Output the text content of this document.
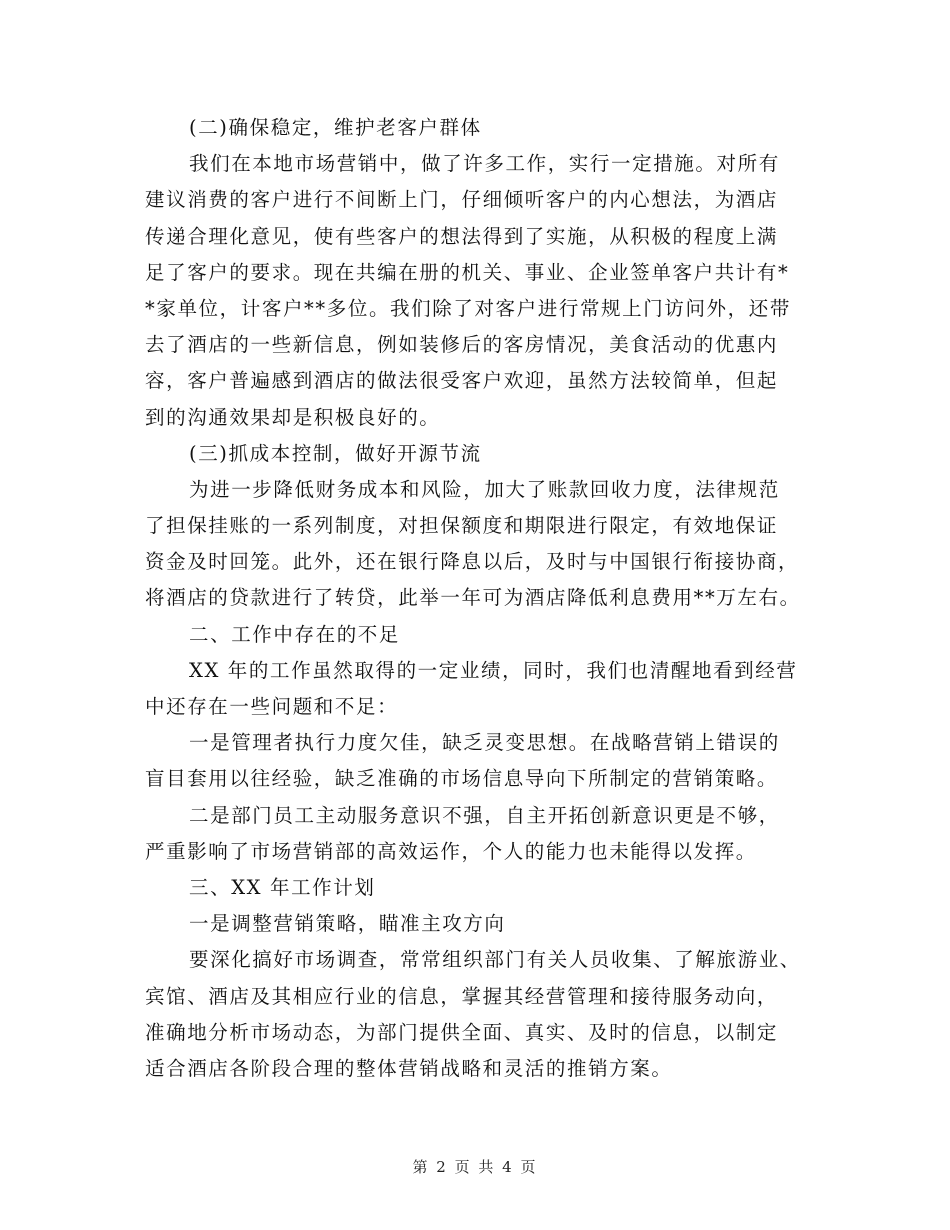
(二)确保稳定，维护老客户群体
我们在本地市场营销中，做了许多工作，实行一定措施。对所有
建议消费的客户进行不间断上门，仔细倾听客户的内心想法，为酒店
传递合理化意见，使有些客户的想法得到了实施，从积极的程度上满
足了客户的要求。现在共编在册的机关、事业、企业签单客户共计有*
*家单位，计客户**多位。我们除了对客户进行常规上门访问外，还带
去了酒店的一些新信息，例如装修后的客房情况，美食活动的优惠内
容，客户普遍感到酒店的做法很受客户欢迎，虽然方法较简单，但起
到的沟通效果却是积极良好的。
(三)抓成本控制，做好开源节流
为进一步降低财务成本和风险，加大了账款回收力度，法律规范
了担保挂账的一系列制度，对担保额度和期限进行限定，有效地保证
资金及时回笼。此外，还在银行降息以后，及时与中国银行衔接协商，
将酒店的贷款进行了转贷，此举一年可为酒店降低利息费用**万左右。
二、工作中存在的不足
XX 年的工作虽然取得的一定业绩，同时，我们也清醒地看到经营
中还存在一些问题和不足：
一是管理者执行力度欠佳，缺乏灵变思想。在战略营销上错误的
盲目套用以往经验，缺乏准确的市场信息导向下所制定的营销策略。
二是部门员工主动服务意识不强，自主开拓创新意识更是不够，
严重影响了市场营销部的高效运作，个人的能力也未能得以发挥。
三、XX 年工作计划
一是调整营销策略，瞄准主攻方向
要深化搞好市场调查，常常组织部门有关人员收集、了解旅游业、
宾馆、酒店及其相应行业的信息，掌握其经营管理和接待服务动向，
准确地分析市场动态，为部门提供全面、真实、及时的信息，以制定
适合酒店各阶段合理的整体营销战略和灵活的推销方案。
第 2 页 共 4 页
